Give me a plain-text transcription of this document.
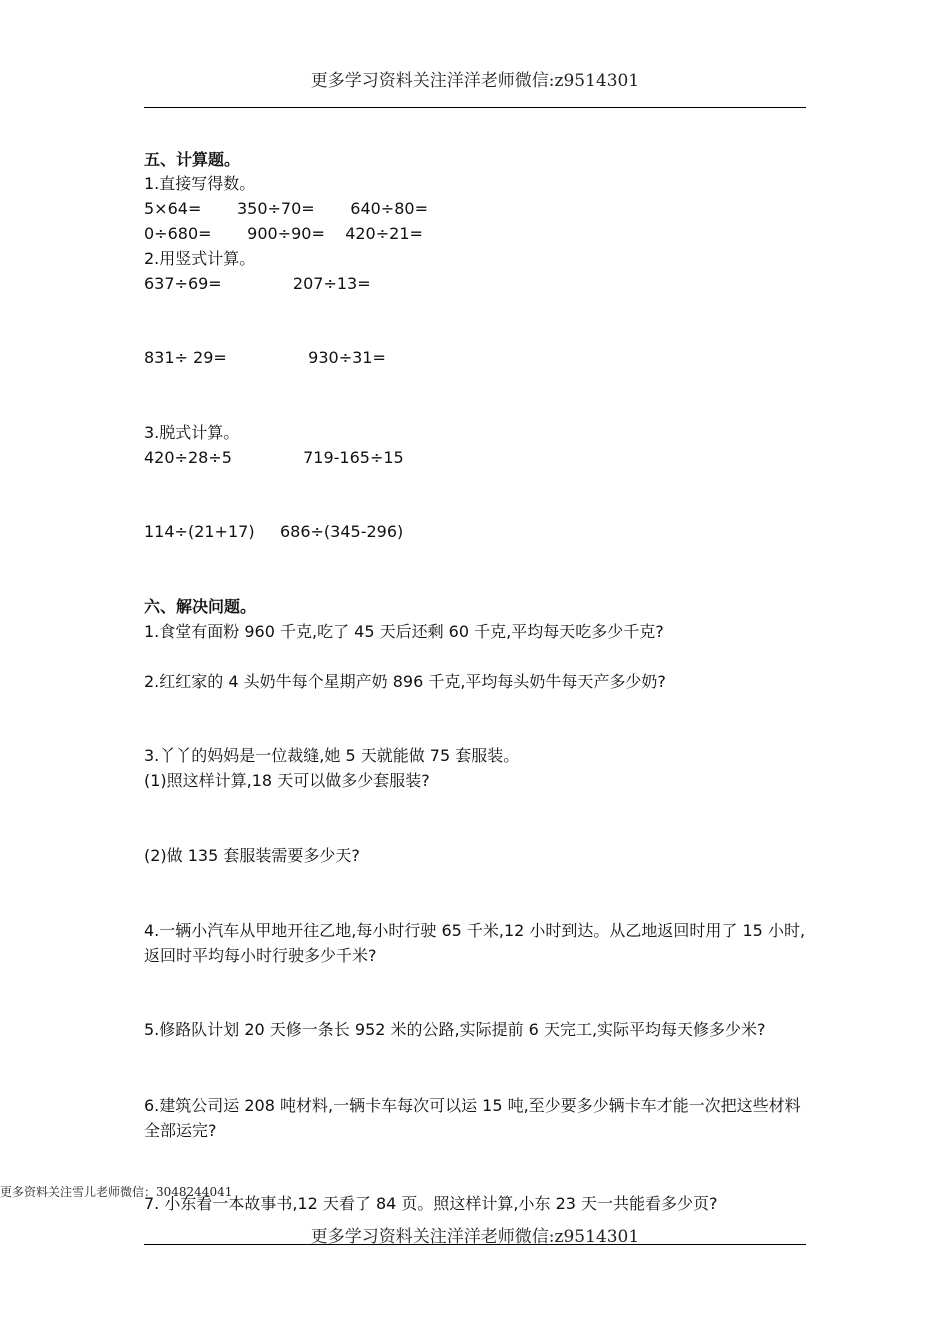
更多学习资料关注洋洋老师微信:z9514301
五、计算题。
1.直接写得数。
5×64=       350÷70=       640÷80=
0÷680=       900÷90=    420÷21=
2.用竖式计算。
637÷69=              207÷13=
831÷ 29=                930÷31=
3.脱式计算。
420÷28÷5              719-165÷15
114÷(21+17)     686÷(345-296)
六、解决问题。
1.食堂有面粉 960 千克,吃了 45 天后还剩 60 千克,平均每天吃多少千克?
2.红红家的 4 头奶牛每个星期产奶 896 千克,平均每头奶牛每天产多少奶?
3.丫丫的妈妈是一位裁缝,她 5 天就能做 75 套服装。
(1)照这样计算,18 天可以做多少套服装?
(2)做 135 套服装需要多少天?
4.一辆小汽车从甲地开往乙地,每小时行驶 65 千米,12 小时到达。从乙地返回时用了 15 小时,返回时平均每小时行驶多少千米?
5.修路队计划 20 天修一条长 952 米的公路,实际提前 6 天完工,实际平均每天修多少米?
6.建筑公司运 208 吨材料,一辆卡车每次可以运 15 吨,至少要多少辆卡车才能一次把这些材料全部运完?
7. 小东看一本故事书,12 天看了 84 页。照这样计算,小东 23 天一共能看多少页?
更多资料关注雪儿老师微信：3048244041
更多学习资料关注洋洋老师微信:z9514301
